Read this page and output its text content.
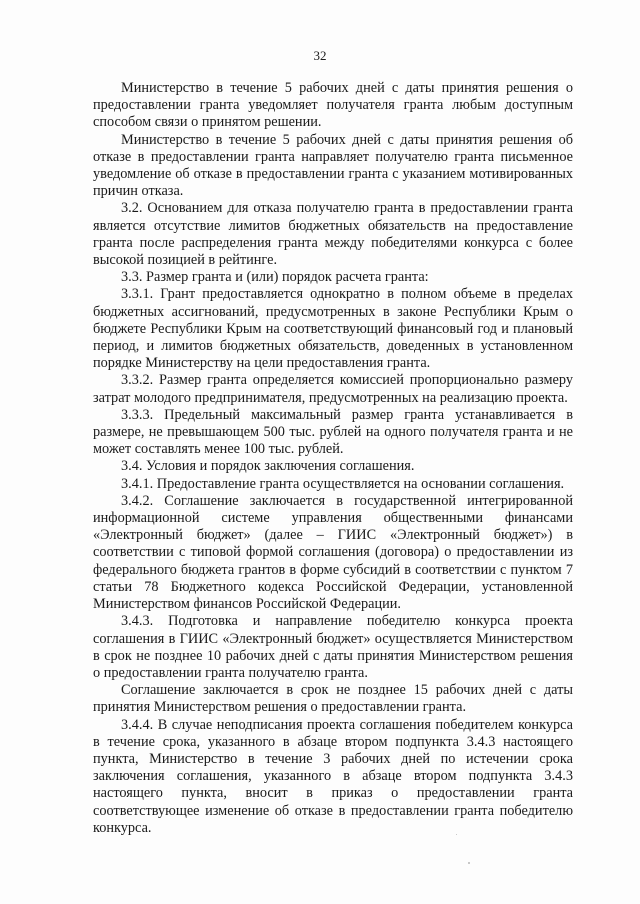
32

Министерство в течение 5 рабочих дней с даты принятия решения о предоставлении гранта уведомляет получателя гранта любым доступным способом связи о принятом решении.

Министерство в течение 5 рабочих дней с даты принятия решения об отказе в предоставлении гранта направляет получателю гранта письменное уведомление об отказе в предоставлении гранта с указанием мотивированных причин отказа.

3.2. Основанием для отказа получателю гранта в предоставлении гранта является отсутствие лимитов бюджетных обязательств на предоставление гранта после распределения гранта между победителями конкурса с более высокой позицией в рейтинге.

3.3. Размер гранта и (или) порядок расчета гранта:

3.3.1. Грант предоставляется однократно в полном объеме в пределах бюджетных ассигнований, предусмотренных в законе Республики Крым о бюджете Республики Крым на соответствующий финансовый год и плановый период, и лимитов бюджетных обязательств, доведенных в установленном порядке Министерству на цели предоставления гранта.

3.3.2. Размер гранта определяется комиссией пропорционально размеру затрат молодого предпринимателя, предусмотренных на реализацию проекта.

3.3.3. Предельный максимальный размер гранта устанавливается в размере, не превышающем 500 тыс. рублей на одного получателя гранта и не может составлять менее 100 тыс. рублей.

3.4. Условия и порядок заключения соглашения.

3.4.1. Предоставление гранта осуществляется на основании соглашения.

3.4.2. Соглашение заключается в государственной интегрированной информационной системе управления общественными финансами «Электронный бюджет» (далее – ГИИС «Электронный бюджет») в соответствии с типовой формой соглашения (договора) о предоставлении из федерального бюджета грантов в форме субсидий в соответствии с пунктом 7 статьи 78 Бюджетного кодекса Российской Федерации, установленной Министерством финансов Российской Федерации.

3.4.3. Подготовка и направление победителю конкурса проекта соглашения в ГИИС «Электронный бюджет» осуществляется Министерством в срок не позднее 10 рабочих дней с даты принятия Министерством решения о предоставлении гранта получателю гранта.

Соглашение заключается в срок не позднее 15 рабочих дней с даты принятия Министерством решения о предоставлении гранта.

3.4.4. В случае неподписания проекта соглашения победителем конкурса в течение срока, указанного в абзаце втором подпункта 3.4.3 настоящего пункта, Министерство в течение 3 рабочих дней по истечении срока заключения соглашения, указанного в абзаце втором подпункта 3.4.3 настоящего пункта, вносит в приказ о предоставлении гранта соответствующее изменение об отказе в предоставлении гранта победителю конкурса.
